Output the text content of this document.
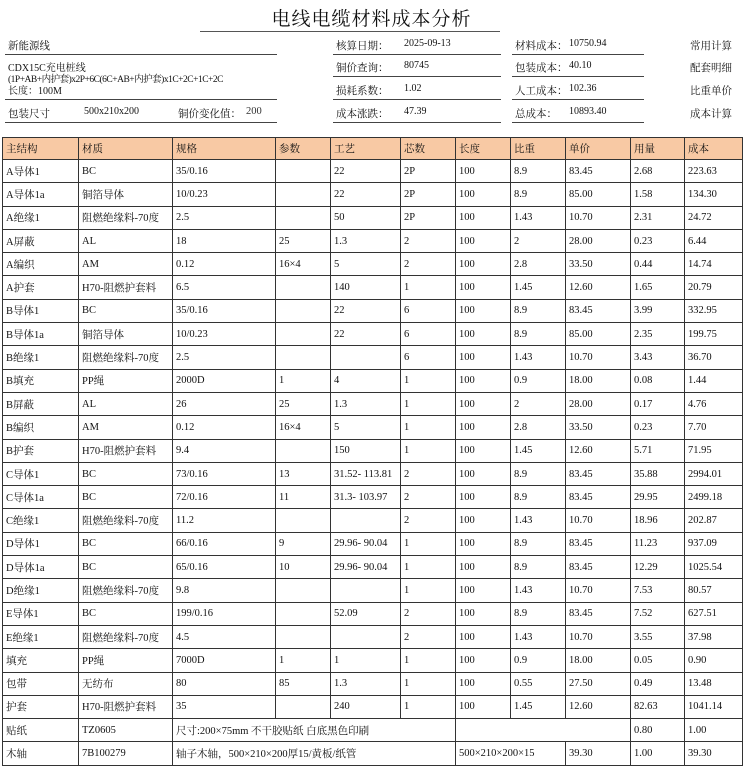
电线电缆材料成本分析
新能源线
CDX15C充电桩线
(1P+AB+内护套)x2P+6C(6C+AB+内护套)x1C+2C+1C+2C
长度：100M
包装尺寸	500x210x200	铜价变化值： 200
核算日期： 2025-09-13
铜价查询： 80745
损耗系数： 1.02
成本涨跌： 47.39
材料成本： 10750.94
包装成本： 40.10
人工成本： 102.36
总成本： 10893.40
常用计算
配套明细
比重单价
成本计算
主结构	材质	规格	参数	工艺	芯数	长度	比重	单价	用量	成本	
A导体1	BC	35/0.16		22	2P	100	8.9	83.45	2.68	223.63	
A导体1a	铜箔导体	10/0.23		22	2P	100	8.9	85.00	1.58	134.30	
A绝缘1	阻燃绝缘料-70度	2.5		50	2P	100	1.43	10.70	2.31	24.72	
A屏蔽	AL	18	25	1.3	2	100	2	28.00	0.23	6.44	
A编织	AM	0.12	16×4	5	2	100	2.8	33.50	0.44	14.74	
A护套	H70-阻燃护套料	6.5		140	1	100	1.45	12.60	1.65	20.79	
B导体1	BC	35/0.16		22	6	100	8.9	83.45	3.99	332.95	
B导体1a	铜箔导体	10/0.23		22	6	100	8.9	85.00	2.35	199.75	
B绝缘1	阻燃绝缘料-70度	2.5			6	100	1.43	10.70	3.43	36.70	
B填充	PP绳	2000D	1	4	1	100	0.9	18.00	0.08	1.44	
B屏蔽	AL	26	25	1.3	1	100	2	28.00	0.17	4.76	
B编织	AM	0.12	16×4	5	1	100	2.8	33.50	0.23	7.70	
B护套	H70-阻燃护套料	9.4		150	1	100	1.45	12.60	5.71	71.95	
C导体1	BC	73/0.16	13	31.52- 113.81	2	100	8.9	83.45	35.88	2994.01	
C导体1a	BC	72/0.16	11	31.3- 103.97	2	100	8.9	83.45	29.95	2499.18	
C绝缘1	阻燃绝缘料-70度	11.2			2	100	1.43	10.70	18.96	202.87	
D导体1	BC	66/0.16	9	29.96- 90.04	1	100	8.9	83.45	11.23	937.09	
D导体1a	BC	65/0.16	10	29.96- 90.04	1	100	8.9	83.45	12.29	1025.54	
D绝缘1	阻燃绝缘料-70度	9.8			1	100	1.43	10.70	7.53	80.57	
E导体1	BC	199/0.16		52.09	2	100	8.9	83.45	7.52	627.51	
E绝缘1	阻燃绝缘料-70度	4.5			2	100	1.43	10.70	3.55	37.98	
填充	PP绳	7000D	1	1	1	100	0.9	18.00	0.05	0.90	
包带	无纺布	80	85	1.3	1	100	0.55	27.50	0.49	13.48	
护套	H70-阻燃护套料	35		240	1	100	1.45	12.60	82.63	1041.14	
贴纸	TZ0605	尺寸:200×75mm 不干胶贴纸 白底黑色印刷							0.80	1.00	
木轴	7B100279	轴子木轴，500×210×200厚15/黄板/纸管				500×210×200×15		39.30	1.00	39.30	
